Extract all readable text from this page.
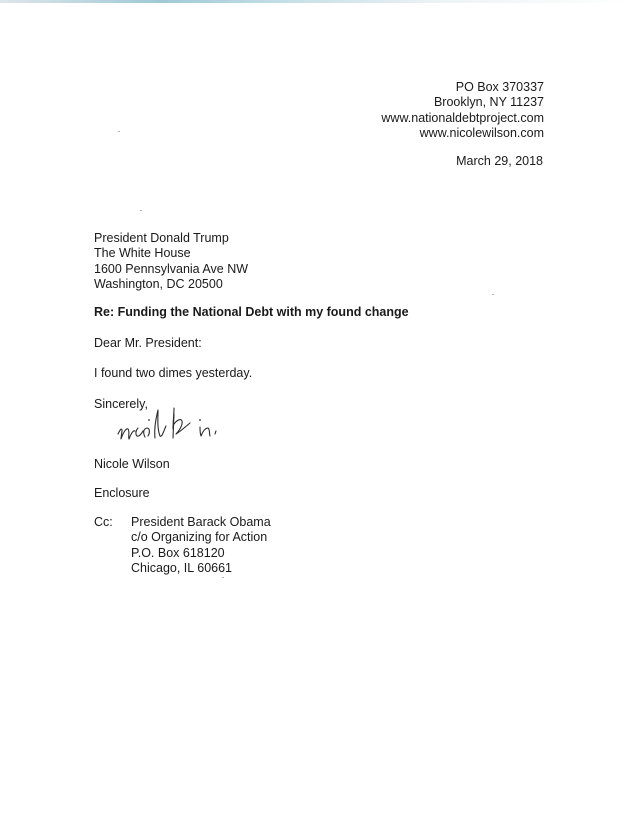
PO Box 370337
Brooklyn, NY 11237
www.nationaldebtproject.com
www.nicolewilson.com
March 29, 2018
President Donald Trump
The White House
1600 Pennsylvania Ave NW
Washington, DC 20500
Re: Funding the National Debt with my found change
Dear Mr. President:
I found two dimes yesterday.
Sincerely,
Nicole Wilson
Enclosure
Cc: President Barack Obama
c/o Organizing for Action
P.O. Box 618120
Chicago, IL 60661
